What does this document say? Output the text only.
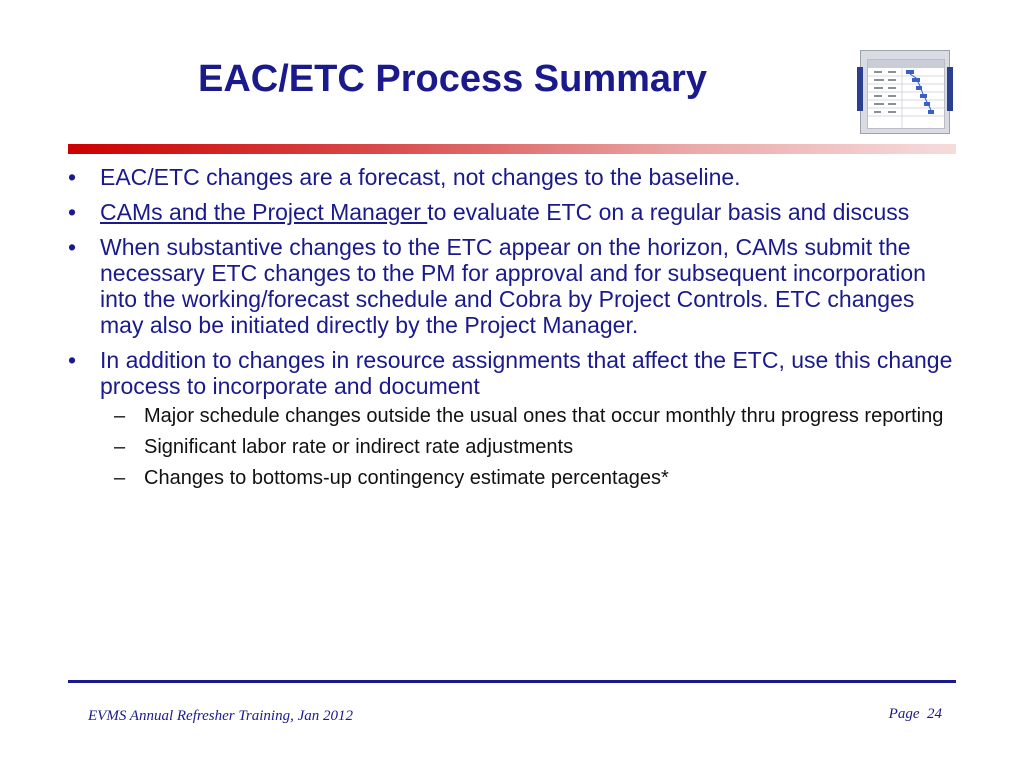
EAC/ETC Process Summary
• EAC/ETC changes are a forecast, not changes to the baseline.
• CAMs and the Project Manager to evaluate ETC on a regular basis and discuss
• When substantive changes to the ETC appear on the horizon, CAMs submit the necessary ETC changes to the PM for approval and for subsequent incorporation into the working/forecast schedule and Cobra by Project Controls. ETC changes may also be initiated directly by the Project Manager.
• In addition to changes in resource assignments that affect the ETC, use this change process to incorporate and document
– Major schedule changes outside the usual ones that occur monthly thru progress reporting
– Significant labor rate or indirect rate adjustments
– Changes to bottoms-up contingency estimate percentages*
EVMS Annual Refresher Training, Jan 2012	Page 24
